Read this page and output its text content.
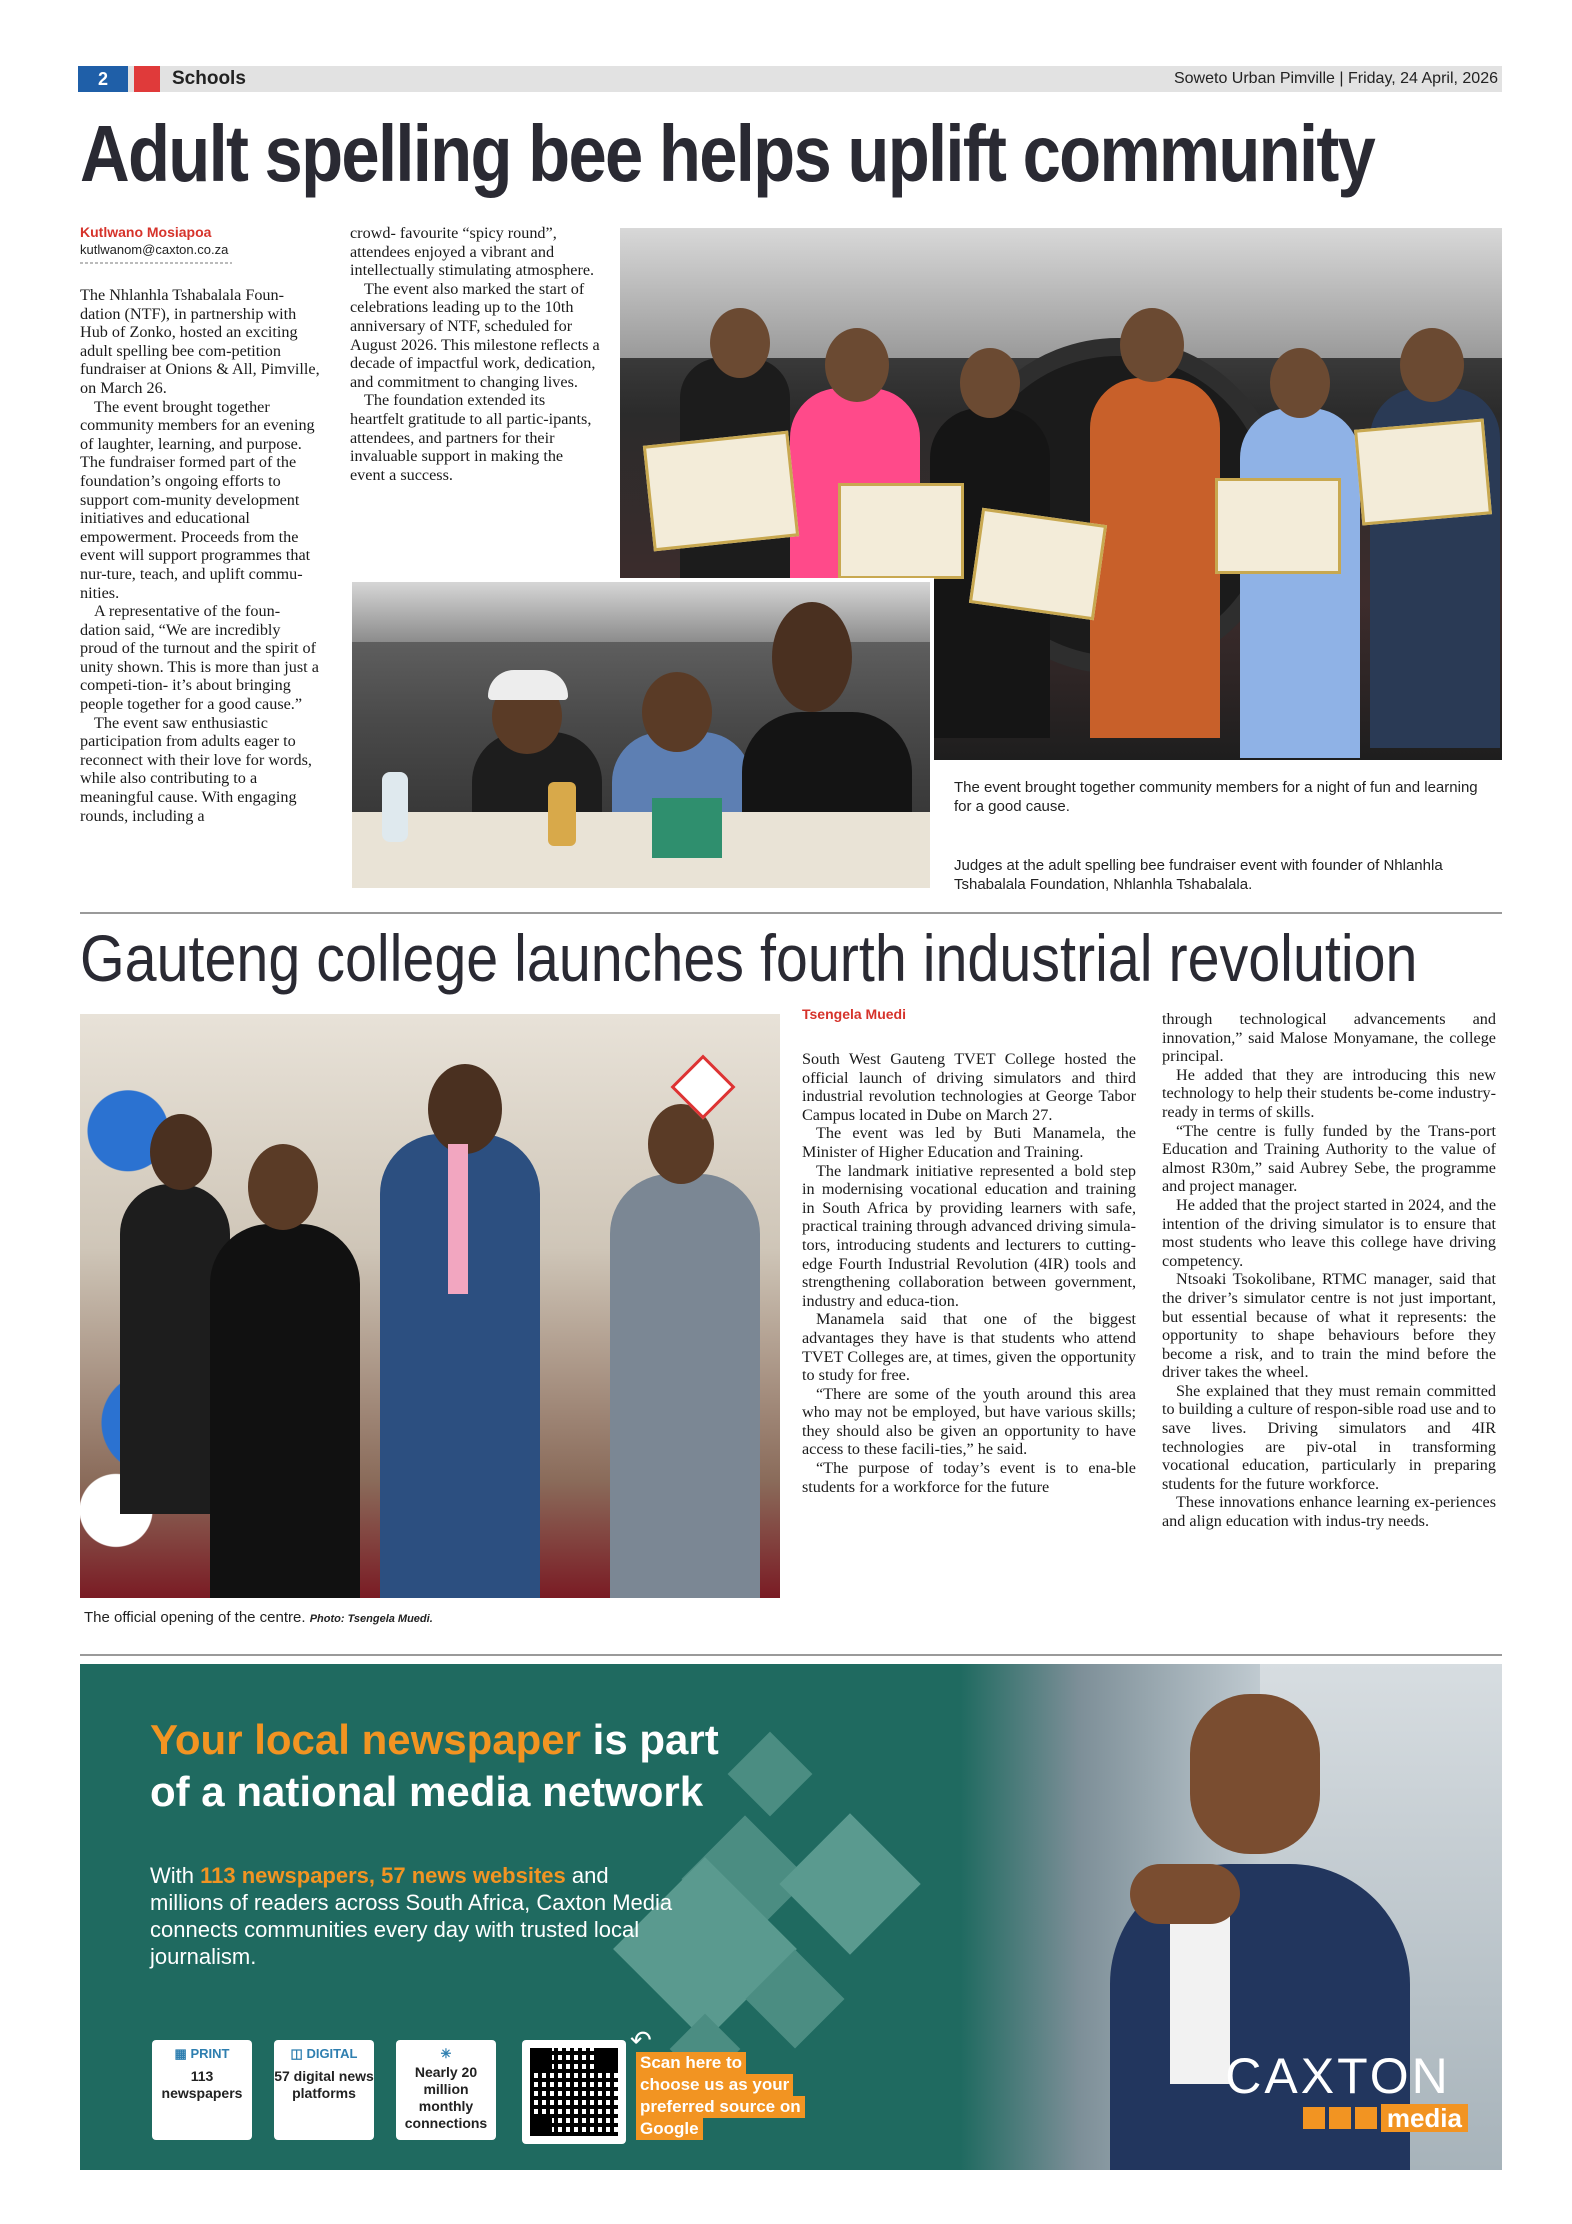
2	Schools	Soweto Urban Pimville | Friday, 24 April, 2026
Adult spelling bee helps uplift community
Kutlwano Mosiapoa
kutlwanom@caxton.co.za

The Nhlanhla Tshabalala Foun-dation (NTF), in partnership with Hub of Zonko, hosted an exciting adult spelling bee com-petition fundraiser at Onions & All, Pimville, on March 26.

The event brought together community members for an evening of laughter, learning, and purpose. The fundraiser formed part of the foundation’s ongoing efforts to support com-munity development initiatives and educational empowerment. Proceeds from the event will support programmes that nur-ture, teach, and uplift commu-nities.

A representative of the foun-dation said, “We are incredibly proud of the turnout and the spirit of unity shown. This is more than just a competi-tion- it’s about bringing people together for a good cause.”

The event saw enthusiastic participation from adults eager to reconnect with their love for words, while also contributing to a meaningful cause. With engaging rounds, including a

crowd- favourite “spicy round”, attendees enjoyed a vibrant and intellectually stimulating atmosphere.

The event also marked the start of celebrations leading up to the 10th anniversary of NTF, scheduled for August 2026. This milestone reflects a decade of impactful work, dedication, and commitment to changing lives.

The foundation extended its heartfelt gratitude to all partic-ipants, attendees, and partners for their invaluable support in making the event a success.

The event brought together community members for a night of fun and learning for a good cause.
Judges at the adult spelling bee fundraiser event with founder of Nhlanhla Tshabalala Foundation, Nhlanhla Tshabalala.
Gauteng college launches fourth industrial revolution
The official opening of the centre. Photo: Tsengela Muedi.
Tsengela Muedi

South West Gauteng TVET College hosted the official launch of driving simulators and third industrial revolution technologies at George Tabor Campus located in Dube on March 27.

The event was led by Buti Manamela, the Minister of Higher Education and Training.

The landmark initiative represented a bold step in modernising vocational education and training in South Africa by providing learners with safe, practical training through advanced driving simula-tors, introducing students and lecturers to cutting-edge Fourth Industrial Revolution (4IR) tools and strengthening collaboration between government, industry and educa-tion.

Manamela said that one of the biggest advantages they have is that students who attend TVET Colleges are, at times, given the opportunity to study for free.

“There are some of the youth around this area who may not be employed, but have various skills; they should also be given an opportunity to have access to these facili-ties,” he said.

“The purpose of today’s event is to ena-ble students for a workforce for the future

through technological advancements and innovation,” said Malose Monyamane, the college principal.

He added that they are introducing this new technology to help their students be-come industry-ready in terms of skills.

“The centre is fully funded by the Trans-port Education and Training Authority to the value of almost R30m,” said Aubrey Sebe, the programme and project manager.

He added that the project started in 2024, and the intention of the driving simulator is to ensure that most students who leave this college have driving competency.

Ntsoaki Tsokolibane, RTMC manager, said that the driver’s simulator centre is not just important, but essential because of what it represents: the opportunity to shape behaviours before they become a risk, and to train the mind before the driver takes the wheel.

She explained that they must remain committed to building a culture of respon-sible road use and to save lives. Driving simulators and 4IR technologies are piv-otal in transforming vocational education, particularly in preparing students for the future workforce.

These innovations enhance learning ex-periences and align education with indus-try needs.

Your local newspaper is part
of a national media network
With 113 newspapers, 57 news websites and millions of readers across South Africa, Caxton Media connects communities every day with trusted local journalism.
▦ PRINT
113 newspapers
◫ DIGITAL
57 digital news platforms
✳
Nearly 20 million monthly connections
Scan here to
choose us as your
preferred source on
Google
↶
CAXTON
media
